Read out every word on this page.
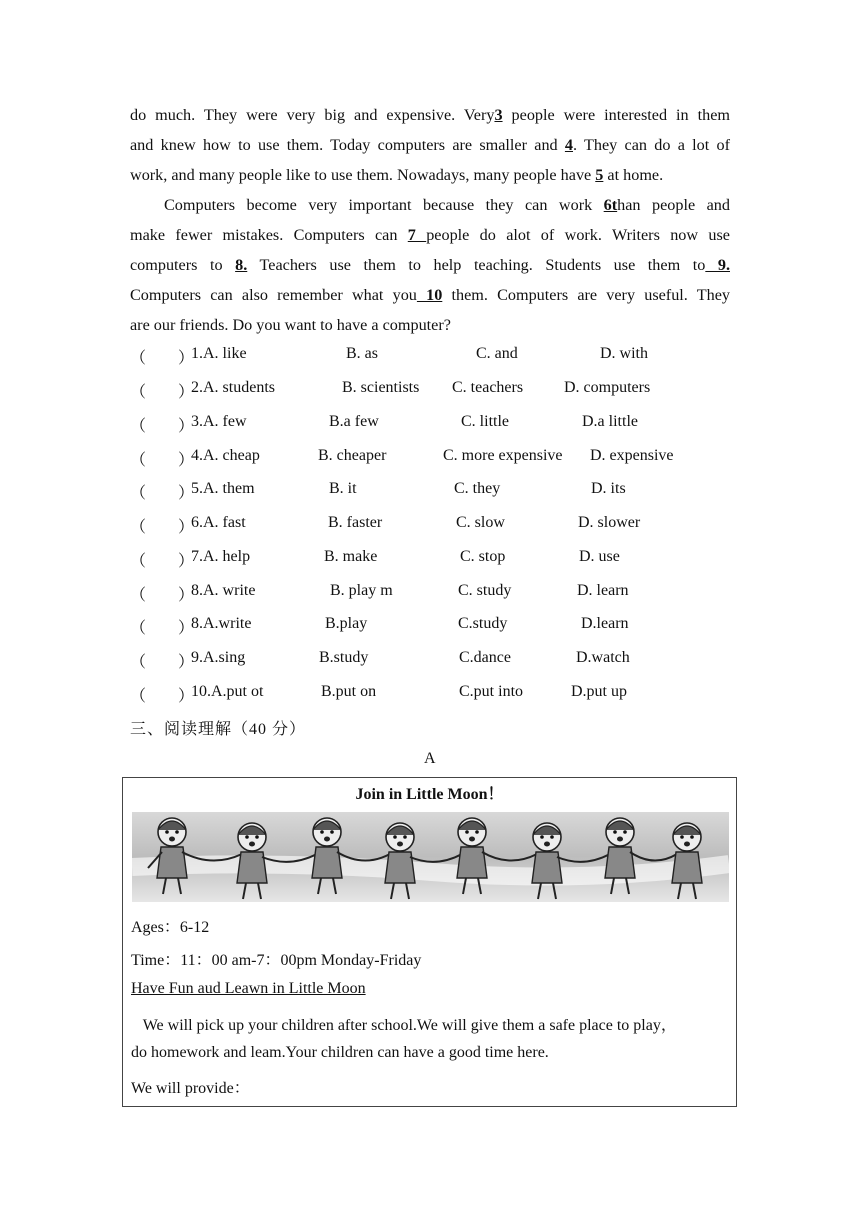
do much. They were very big and expensive. Very3 people were interested in them
and knew how to use them. Today computers are smaller and 4. They can do a lot of
work, and many people like to use them. Nowadays, many people have 5 at home.
Computers become very important because they can work 6than people and
make fewer mistakes. Computers can 7 people do alot of work. Writers now use
computers to 8. Teachers use them to help teaching. Students use them to 9.
Computers can also remember what you 10 them. Computers are very useful. They
are our friends. Do you want to have a computer?
（　　）
1.A. like	B. as	C. and	D. with
（　　）
2.A. students	B. scientists C. teachers	D. computers
（　　）
3.A. few	B.a few	C. little	D.a little
（　　）
4.A. cheap	B. cheaper	C. more expensive D. expensive
（　　）
5.A. them	B. it	C. they	D. its
（　　）
6.A. fast	B. faster	C. slow	D. slower
（　　）
7.A. help	B. make	C. stop	D. use
（　　）
8.A. write	B. play m	C. study	D. learn
（　　）
8.A.write	B.play	C.study	D.learn
（　　）
9.A.sing	B.study	C.dance	D.watch
（　　）
10.A.put ot	B.put on	C.put into	D.put up
三、阅读理解（40 分）
A
Join in Little Moon！
Ages：6-12
Time：11：00 am-7：00pm Monday-Friday
Have Fun aud Leawn in Little Moon
We will pick up your children after school.We will give them a safe place to play，
do homework and leam.Your children can have a good time here.
We will provide：
